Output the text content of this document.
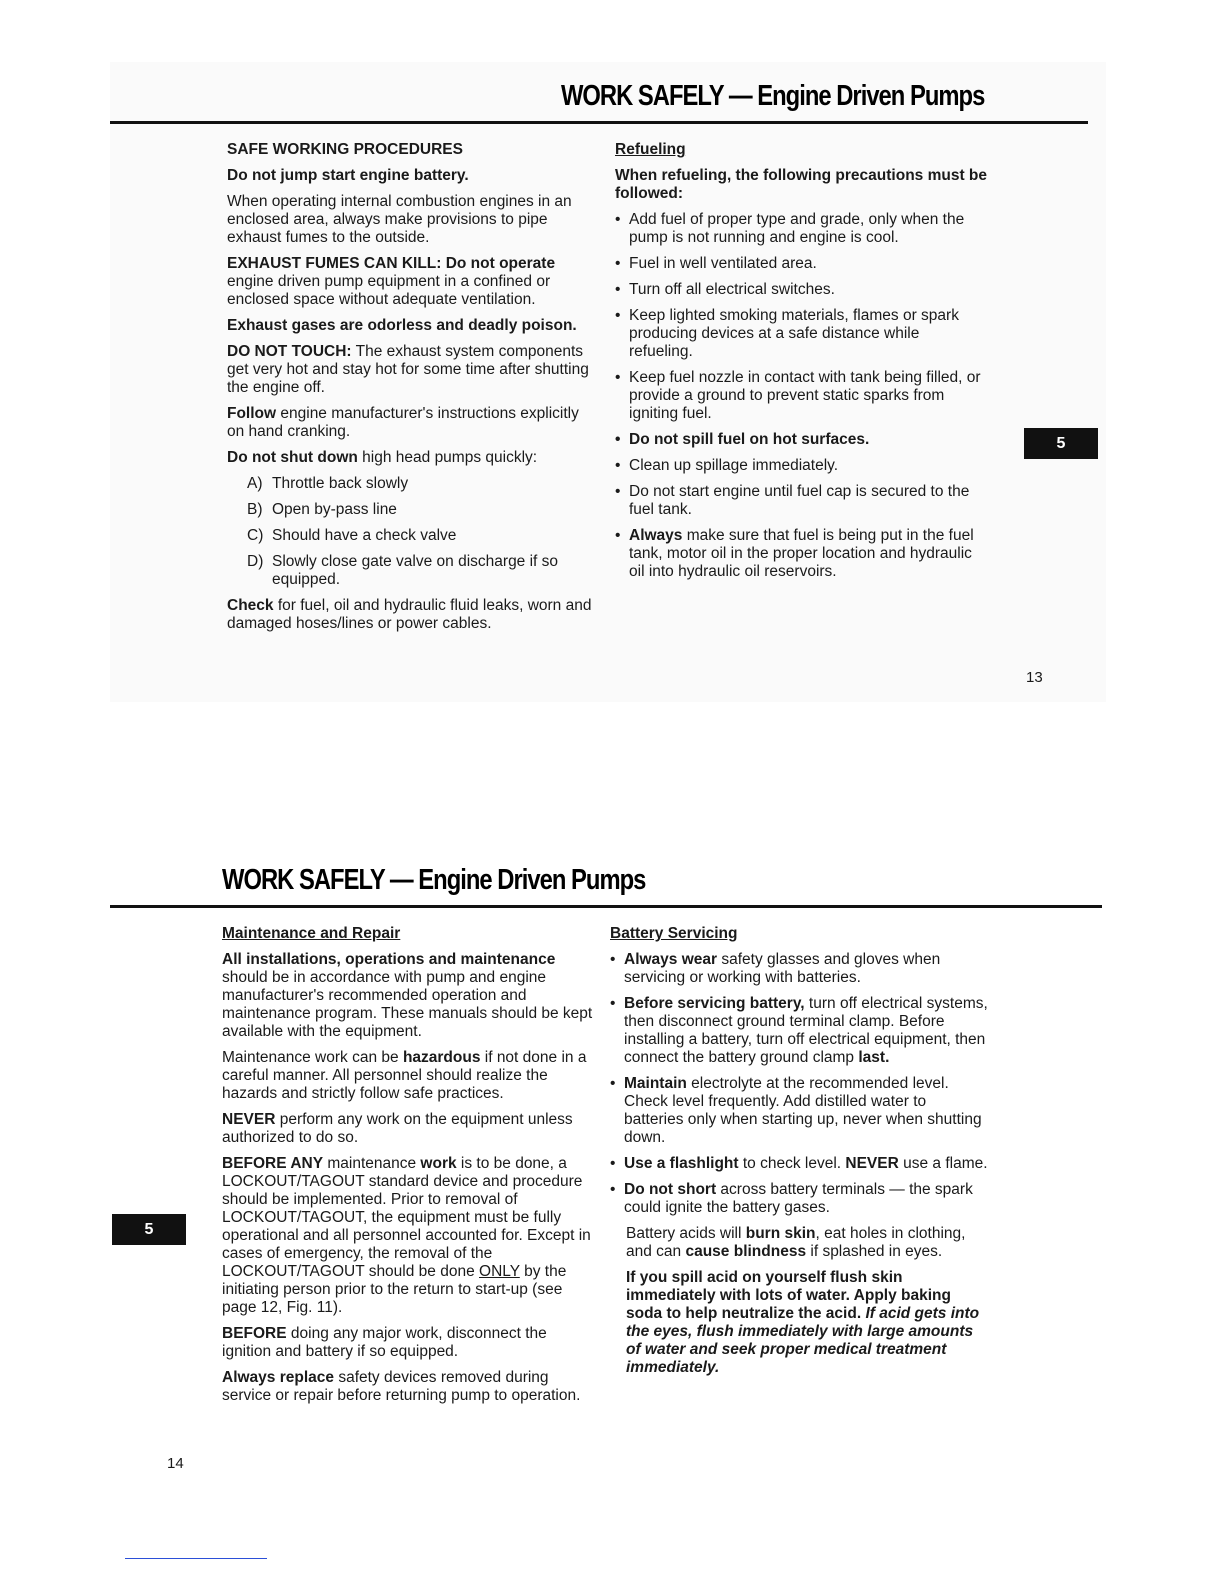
WORK SAFELY — Engine Driven Pumps

SAFE WORKING PROCEDURES

Do not jump start engine battery.

When operating internal combustion engines in an enclosed area, always make provisions to pipe exhaust fumes to the outside.

EXHAUST FUMES CAN KILL: Do not operate engine driven pump equipment in a confined or enclosed space without adequate ventilation.

Exhaust gases are odorless and deadly poison.

DO NOT TOUCH: The exhaust system components get very hot and stay hot for some time after shutting the engine off.

Follow engine manufacturer's instructions explicitly on hand cranking.

Do not shut down high head pumps quickly:

A) Throttle back slowly
B) Open by-pass line
C) Should have a check valve
D) Slowly close gate valve on discharge if so equipped.

Check for fuel, oil and hydraulic fluid leaks, worn and damaged hoses/lines or power cables.

Refueling

When refueling, the following precautions must be followed:

• Add fuel of proper type and grade, only when the pump is not running and engine is cool.
• Fuel in well ventilated area.
• Turn off all electrical switches.
• Keep lighted smoking materials, flames or spark producing devices at a safe distance while refueling.
• Keep fuel nozzle in contact with tank being filled, or provide a ground to prevent static sparks from igniting fuel.
• Do not spill fuel on hot surfaces.
• Clean up spillage immediately.
• Do not start engine until fuel cap is secured to the fuel tank.
• Always make sure that fuel is being put in the fuel tank, motor oil in the proper location and hydraulic oil into hydraulic oil reservoirs.
5
13
WORK SAFELY — Engine Driven Pumps

Maintenance and Repair

All installations, operations and maintenance should be in accordance with pump and engine manufacturer's recommended operation and maintenance program. These manuals should be kept available with the equipment.

Maintenance work can be hazardous if not done in a careful manner. All personnel should realize the hazards and strictly follow safe practices.

NEVER perform any work on the equipment unless authorized to do so.

BEFORE ANY maintenance work is to be done, a LOCKOUT/TAGOUT standard device and procedure should be implemented. Prior to removal of LOCKOUT/TAGOUT, the equipment must be fully operational and all personnel accounted for. Except in cases of emergency, the removal of the LOCKOUT/TAGOUT should be done ONLY by the initiating person prior to the return to start-up (see page 12, Fig. 11).

BEFORE doing any major work, disconnect the ignition and battery if so equipped.

Always replace safety devices removed during service or repair before returning pump to operation.

Battery Servicing

• Always wear safety glasses and gloves when servicing or working with batteries.
• Before servicing battery, turn off electrical systems, then disconnect ground terminal clamp. Before installing a battery, turn off electrical equipment, then connect the battery ground clamp last.
• Maintain electrolyte at the recommended level. Check level frequently. Add distilled water to batteries only when starting up, never when shutting down.
• Use a flashlight to check level. NEVER use a flame.
• Do not short across battery terminals — the spark could ignite the battery gases.

Battery acids will burn skin, eat holes in clothing, and can cause blindness if splashed in eyes.

If you spill acid on yourself flush skin immediately with lots of water. Apply baking soda to help neutralize the acid. If acid gets into the eyes, flush immediately with large amounts of water and seek proper medical treatment immediately.

5
14
